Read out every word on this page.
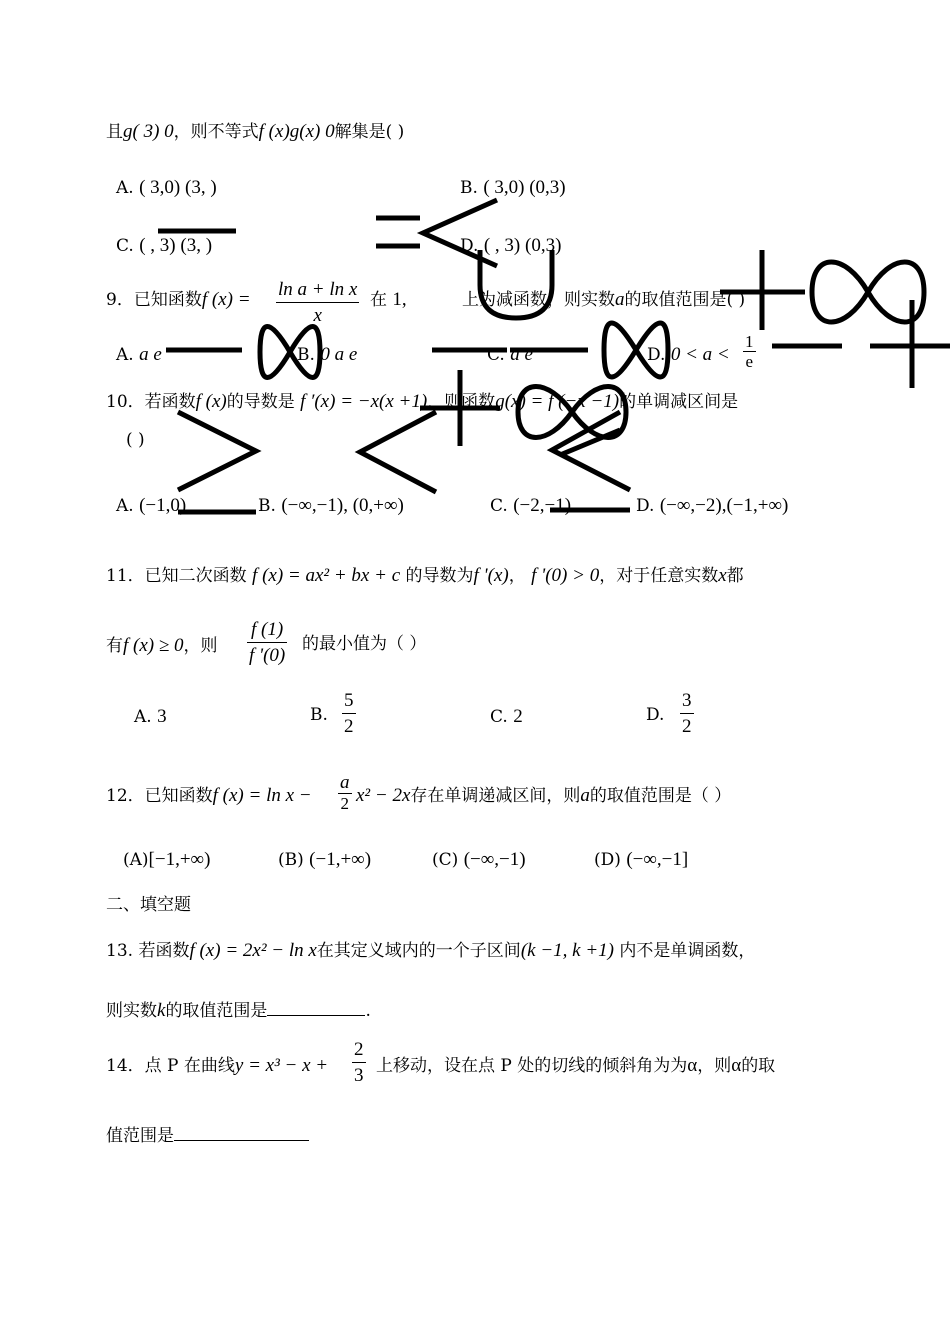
且g( 3) 0，则不等式f (x)g(x) 0解集是( )
A. ( 3,0) (3, )	B. ( 3,0) (0,3)
C. ( , 3) (3, )	D. ( , 3) (0,3)
9．已知函数f (x) = ln a + ln x
x
在 1,	上为减函数，则实数a的取值范围是( )
A. a e	B. 0 a e	C. a e	D. 0 < a <
1
e
10．若函数f (x)的导数是 f ′(x) = −x(x +1)，则函数g(x) = f (−x −1)的单调减区间是
( )
A. (−1,0)	B. (−∞,−1), (0,+∞)	C. (−2,−1)	D. (−∞,−2),(−1,+∞)
11．已知二次函数 f (x) = ax² + bx + c 的导数为f '(x)， f '(0) > 0，对于任意实数x都
有f (x) ≥ 0，则
f (1)
f '(0)
的最小值为（ ）
A. 3	B.
5
2	C. 2	D.
3
2
12．已知函数f (x) = ln x −
a
2 x² − 2x存在单调递减区间，则a的取值范围是（ ）
(A)[−1,+∞)	(B) (−1,+∞)	(C) (−∞,−1)	(D) (−∞,−1]
二、填空题
13. 若函数f (x) = 2x² − ln x在其定义域内的一个子区间(k −1, k +1) 内不是单调函数，
则实数k的取值范围是	.
14．点 P 在曲线y = x³ − x +
2
3 上移动，设在点 P 处的切线的倾斜角为为α，则α的取
值范围是
